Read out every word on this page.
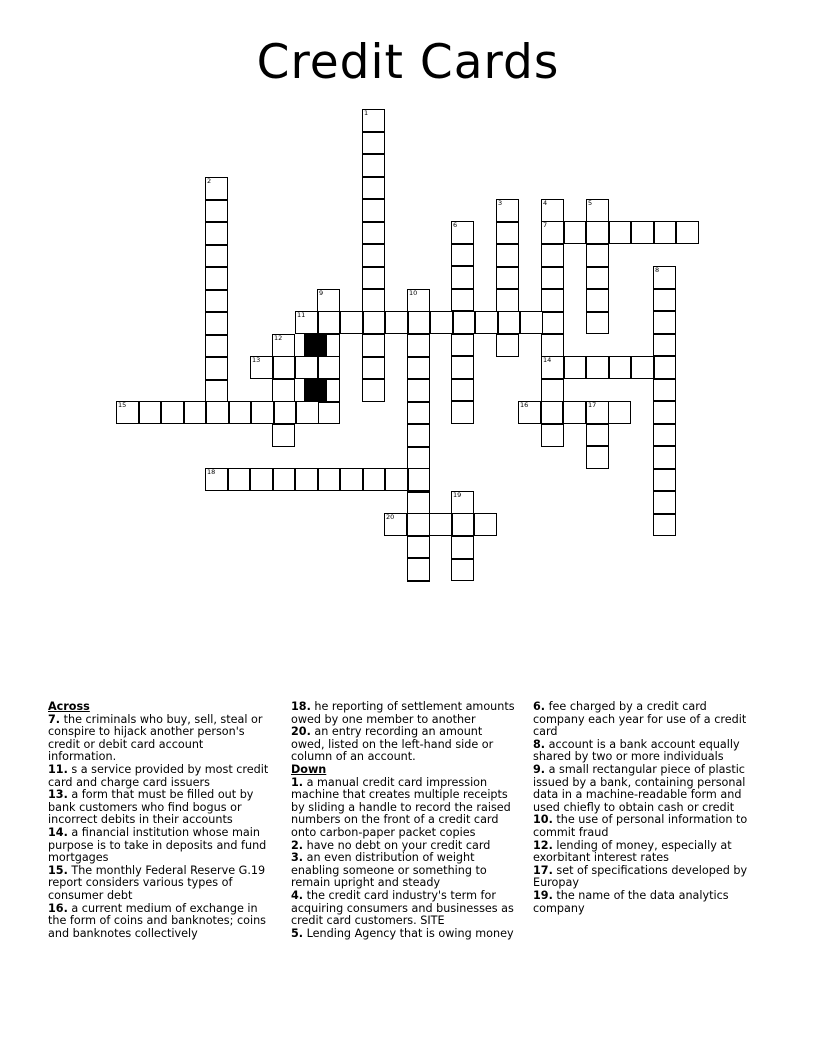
Credit Cards
1
2
3	4	5
6
8
9	10
12
17
19
7
11
13	14
15	16
18
20

Across

7. the criminals who buy, sell, steal or conspire to hijack another person's credit or debit card account information.

11. s a service provided by most credit card and charge card issuers

13. a form that must be filled out by bank customers who find bogus or incorrect debits in their accounts

14. a financial institution whose main purpose is to take in deposits and fund mortgages

15. The monthly Federal Reserve G.19 report considers various types of consumer debt

16. a current medium of exchange in the form of coins and banknotes; coins and banknotes collectively

18. he reporting of settlement amounts owed by one member to another

20. an entry recording an amount owed, listed on the left-hand side or column of an account.

Down

1. a manual credit card impression machine that creates multiple receipts by sliding a handle to record the raised numbers on the front of a credit card onto carbon-paper packet copies

2. have no debt on your credit card

3. an even distribution of weight enabling someone or something to remain upright and steady

4. the credit card industry's term for acquiring consumers and businesses as credit card customers. SITE

5. Lending Agency that is owing money

6. fee charged by a credit card company each year for use of a credit card

8. account is a bank account equally shared by two or more individuals

9. a small rectangular piece of plastic issued by a bank, containing personal data in a machine-readable form and used chiefly to obtain cash or credit

10. the use of personal information to commit fraud

12. lending of money, especially at exorbitant interest rates

17. set of specifications developed by Europay

19. the name of the data analytics company
